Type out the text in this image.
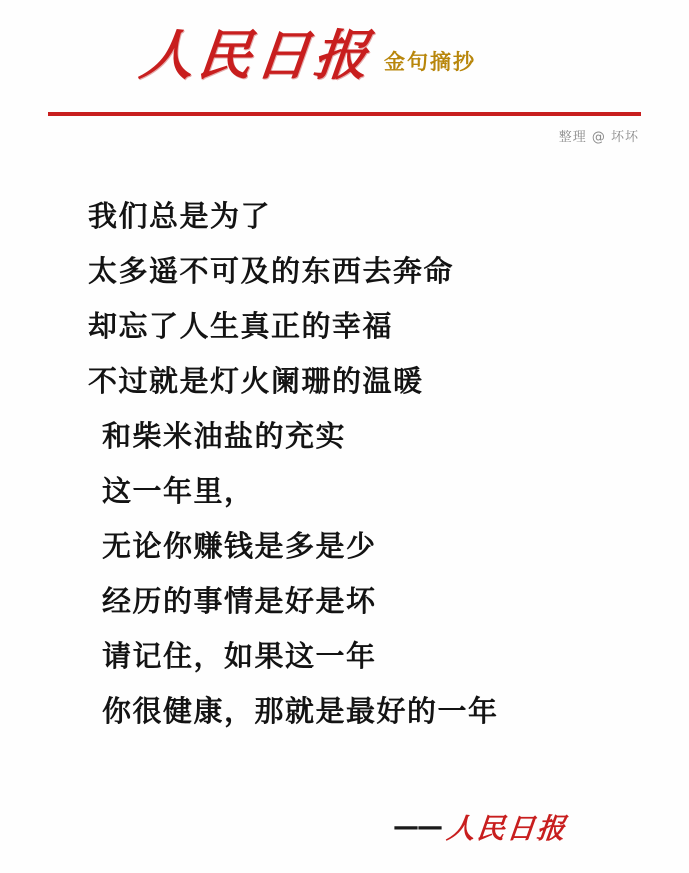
人民日报 金句摘抄
整理 @ 坏坏
我们总是为了
太多遥不可及的东西去奔命
却忘了人生真正的幸福
不过就是灯火阑珊的温暖
和柴米油盐的充实
这一年里，
无论你赚钱是多是少
经历的事情是好是坏
请记住，如果这一年
你很健康，那就是最好的一年
—— 人民日报
